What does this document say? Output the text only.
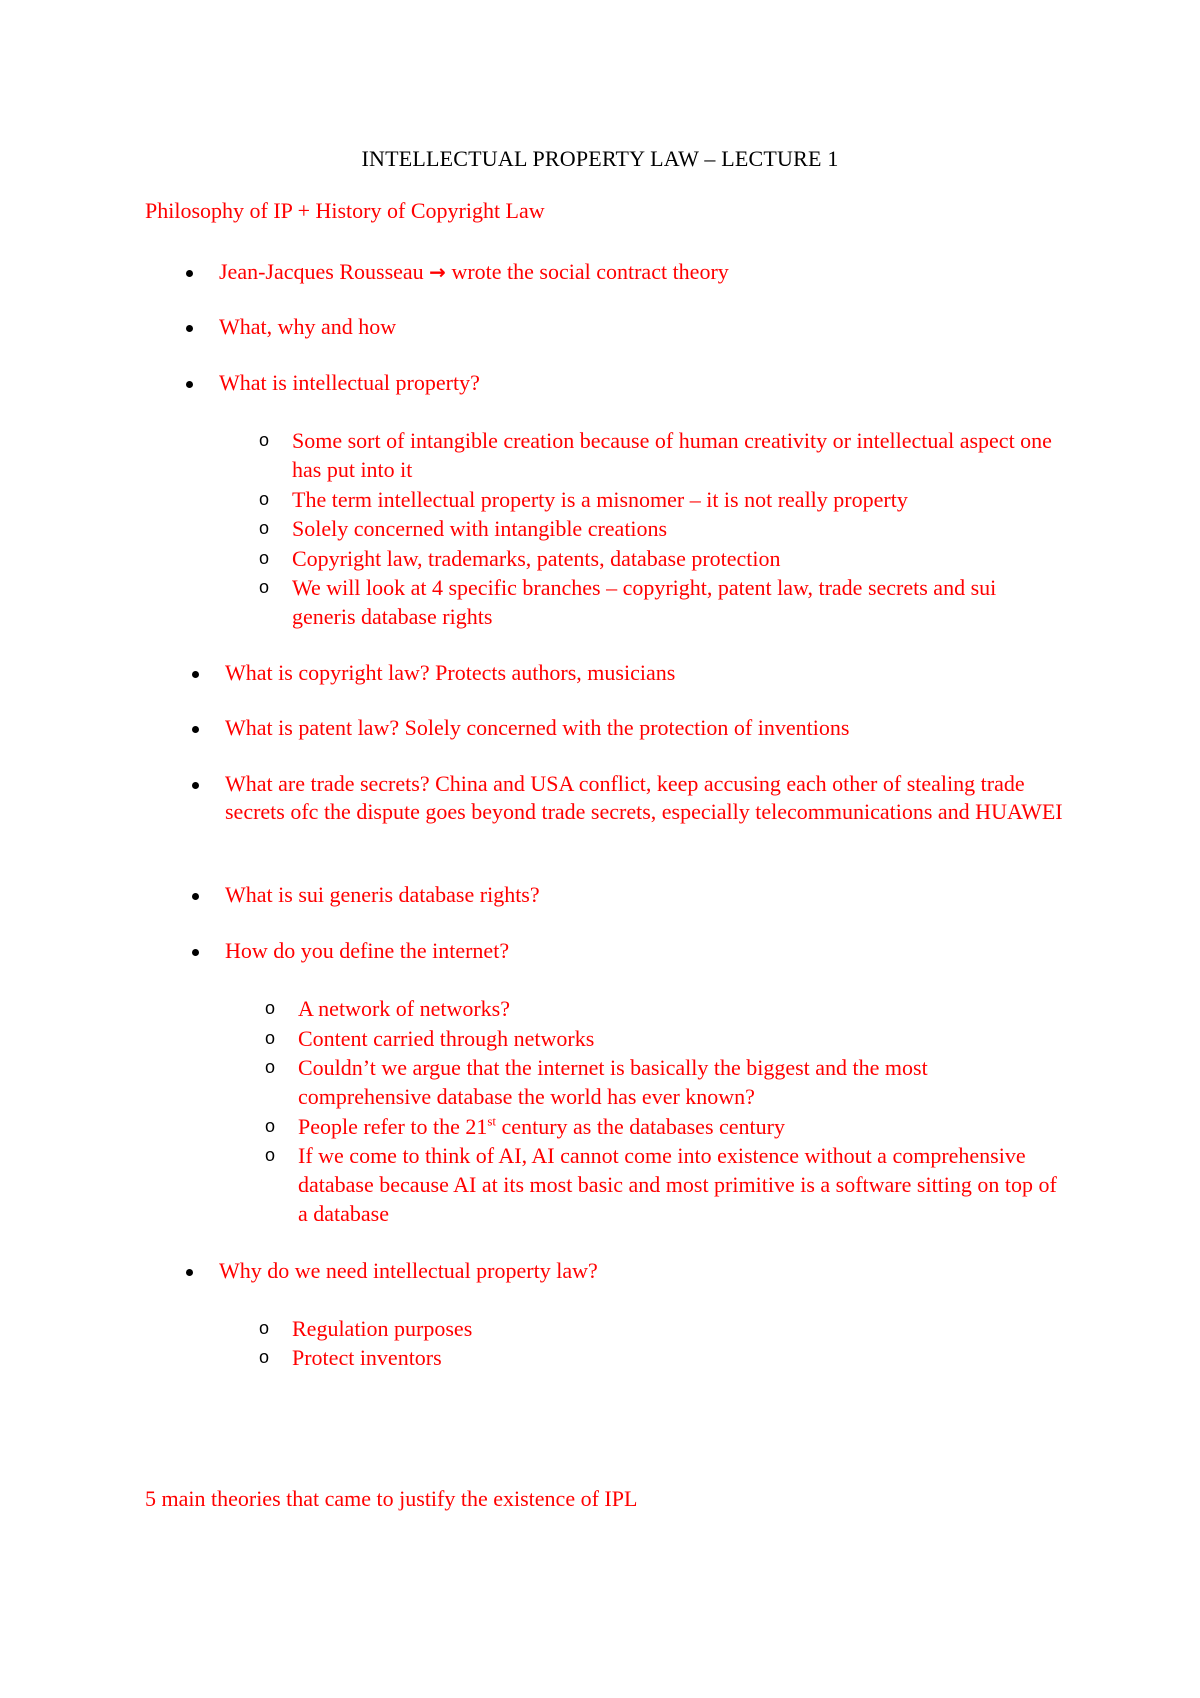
INTELLECTUAL PROPERTY LAW – LECTURE 1
Philosophy of IP + History of Copyright Law
Jean-Jacques Rousseau → wrote the social contract theory
What, why and how
What is intellectual property?
o Some sort of intangible creation because of human creativity or intellectual aspect one has put into it
o The term intellectual property is a misnomer – it is not really property
o Solely concerned with intangible creations
o Copyright law, trademarks, patents, database protection
o We will look at 4 specific branches – copyright, patent law, trade secrets and sui generis database rights
What is copyright law? Protects authors, musicians
What is patent law? Solely concerned with the protection of inventions
What are trade secrets? China and USA conflict, keep accusing each other of stealing trade secrets ofc the dispute goes beyond trade secrets, especially telecommunications and HUAWEI
What is sui generis database rights?
How do you define the internet?
o A network of networks?
o Content carried through networks
o Couldn’t we argue that the internet is basically the biggest and the most comprehensive database the world has ever known?
o People refer to the 21st century as the databases century
o If we come to think of AI, AI cannot come into existence without a comprehensive database because AI at its most basic and most primitive is a software sitting on top of a database
Why do we need intellectual property law?
o Regulation purposes
o Protect inventors
5 main theories that came to justify the existence of IPL
